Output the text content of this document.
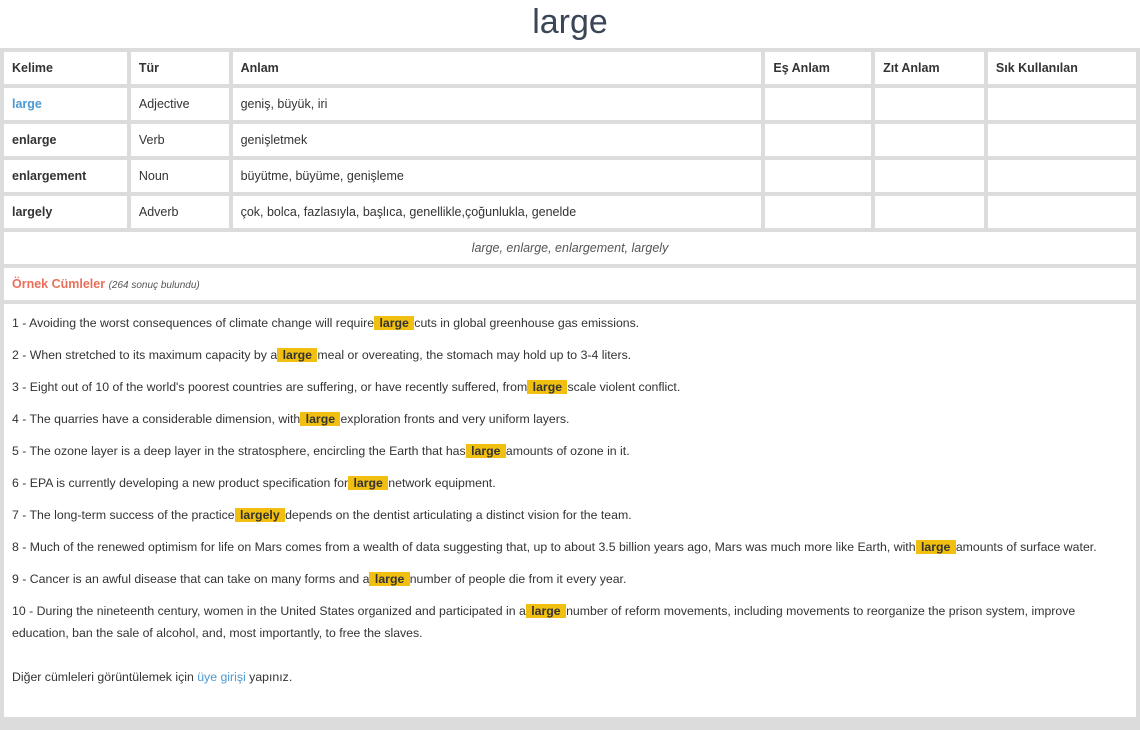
large
Kelime	Tür	Anlam	Eş Anlam	Zıt Anlam	Sık Kullanılan
large	Adjective	geniş, büyük, iri			
enlarge	Verb	genişletmek			
enlargement	Noun	büyütme, büyüme, genişleme			
largely	Adverb	çok, bolca, fazlasıyla, başlıca, genellikle,çoğunlukla, genelde			
large, enlarge, enlargement, largely					
Örnek Cümleler (264 sonuç bulundu)
1 - Avoiding the worst consequences of climate change will require large cuts in global greenhouse gas emissions.
2 - When stretched to its maximum capacity by a large meal or overeating, the stomach may hold up to 3-4 liters.
3 - Eight out of 10 of the world's poorest countries are suffering, or have recently suffered, from large scale violent conflict.
4 - The quarries have a considerable dimension, with large exploration fronts and very uniform layers.
5 - The ozone layer is a deep layer in the stratosphere, encircling the Earth that has large amounts of ozone in it.
6 - EPA is currently developing a new product specification for large network equipment.
7 - The long-term success of the practice largely depends on the dentist articulating a distinct vision for the team.
8 - Much of the renewed optimism for life on Mars comes from a wealth of data suggesting that, up to about 3.5 billion years ago, Mars was much more like Earth, with large amounts of surface water.
9 - Cancer is an awful disease that can take on many forms and a large number of people die from it every year.
10 - During the nineteenth century, women in the United States organized and participated in a large number of reform movements, including movements to reorganize the prison system, improve education, ban the sale of alcohol, and, most importantly, to free the slaves.
Diğer cümleleri görüntülemek için üye girişi yapınız.
